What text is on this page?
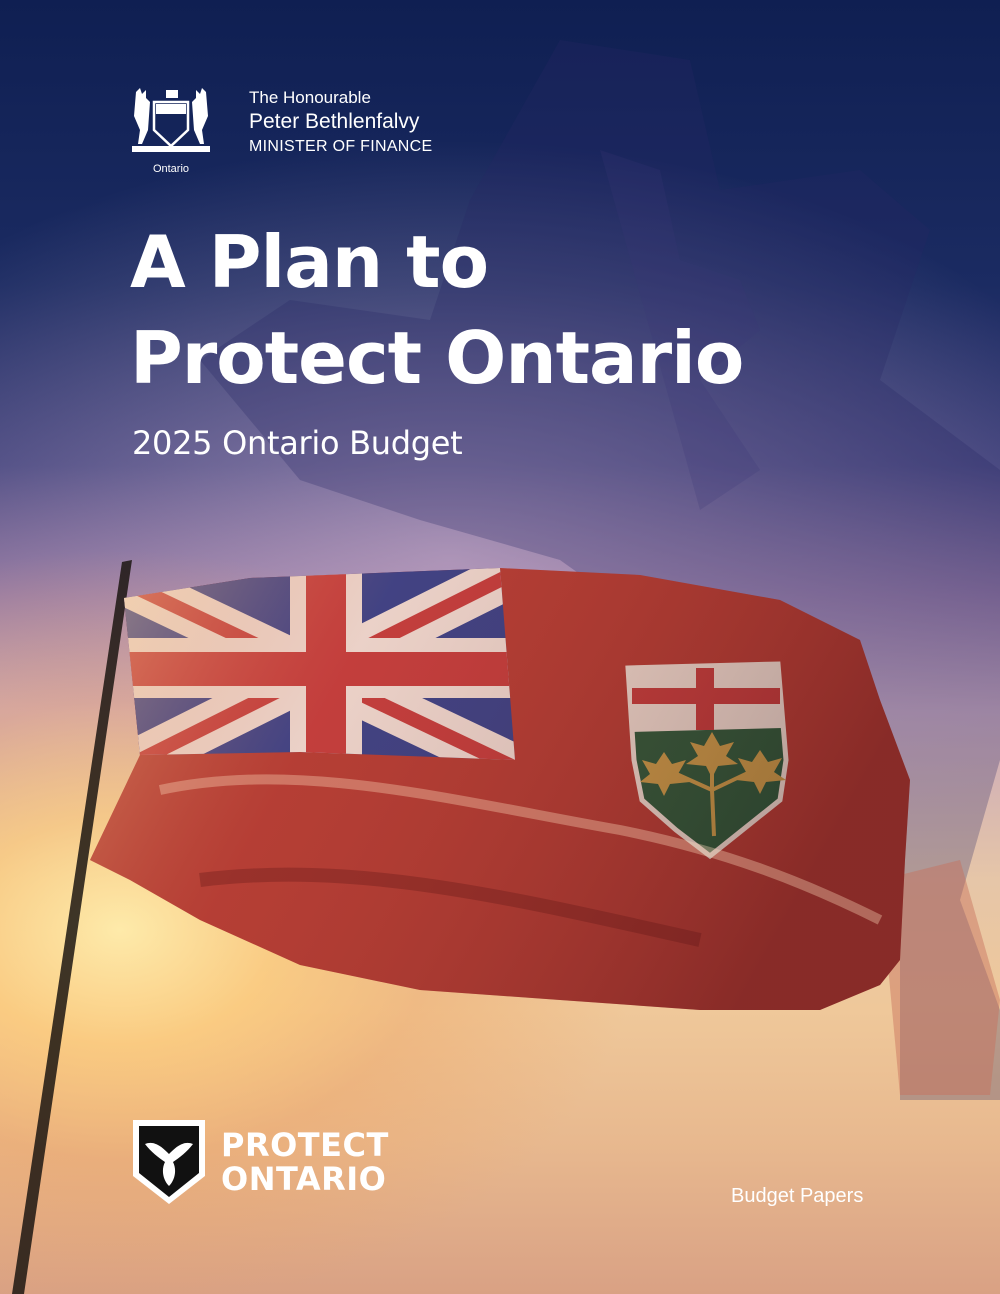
Ontario
The Honourable
Peter Bethlenfalvy
MINISTER OF FINANCE
A Plan to
Protect Ontario
2025 Ontario Budget
PROTECT
ONTARIO	Budget Papers
